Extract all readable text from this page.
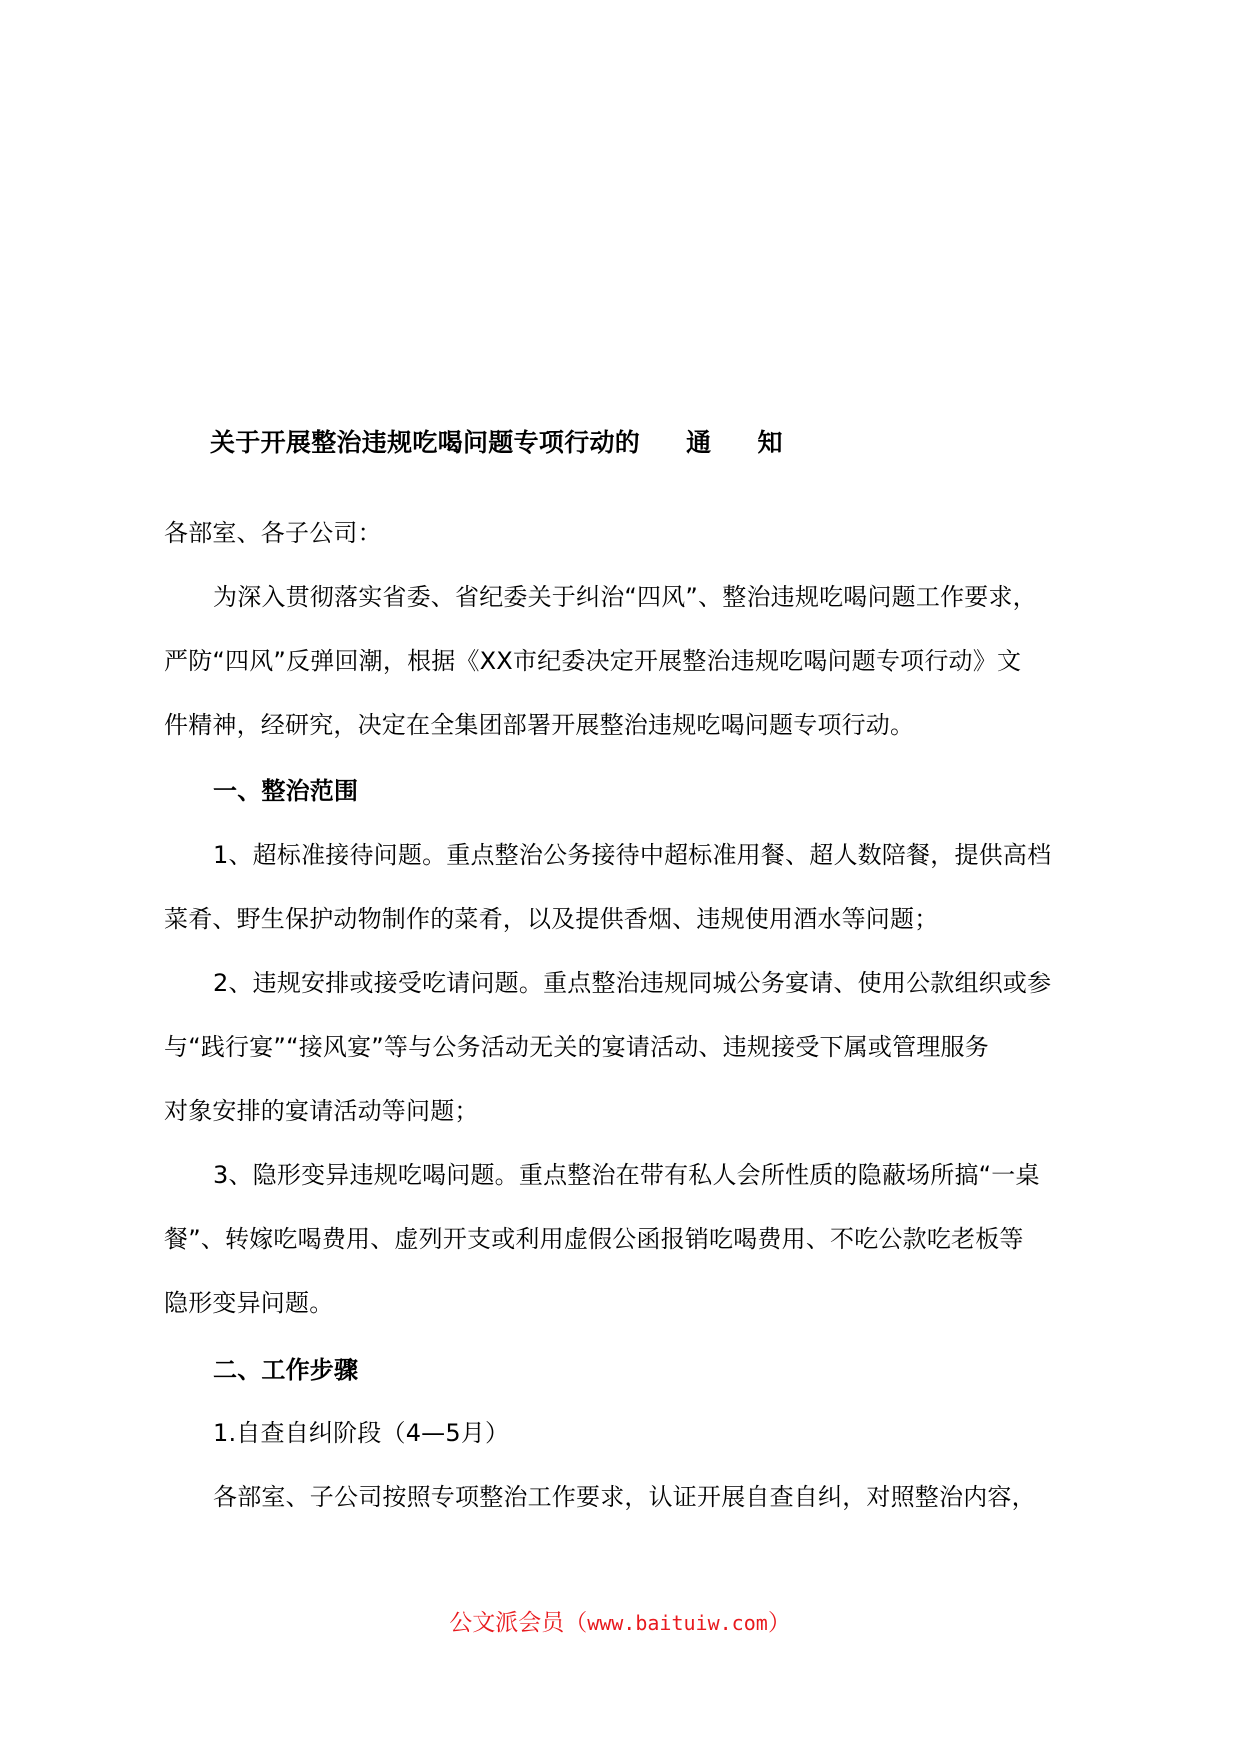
关于开展整治违规吃喝问题专项行动的 通 知
各部室、各子公司：
为深入贯彻落实省委、省纪委关于纠治“四风”、整治违规吃喝问题工作要求，
严防“四风”反弹回潮，根据《XX市纪委决定开展整治违规吃喝问题专项行动》文
件精神，经研究，决定在全集团部署开展整治违规吃喝问题专项行动。
一、整治范围
1、超标准接待问题。重点整治公务接待中超标准用餐、超人数陪餐，提供高档
菜肴、野生保护动物制作的菜肴，以及提供香烟、违规使用酒水等问题；
2、违规安排或接受吃请问题。重点整治违规同城公务宴请、使用公款组织或参
与“践行宴”“接风宴”等与公务活动无关的宴请活动、违规接受下属或管理服务
对象安排的宴请活动等问题；
3、隐形变异违规吃喝问题。重点整治在带有私人会所性质的隐蔽场所搞“一桌
餐”、转嫁吃喝费用、虚列开支或利用虚假公函报销吃喝费用、不吃公款吃老板等
隐形变异问题。
二、工作步骤
1.自查自纠阶段（4—5月）
各部室、子公司按照专项整治工作要求，认证开展自查自纠，对照整治内容，
公文派会员（www.baituiw.com）
